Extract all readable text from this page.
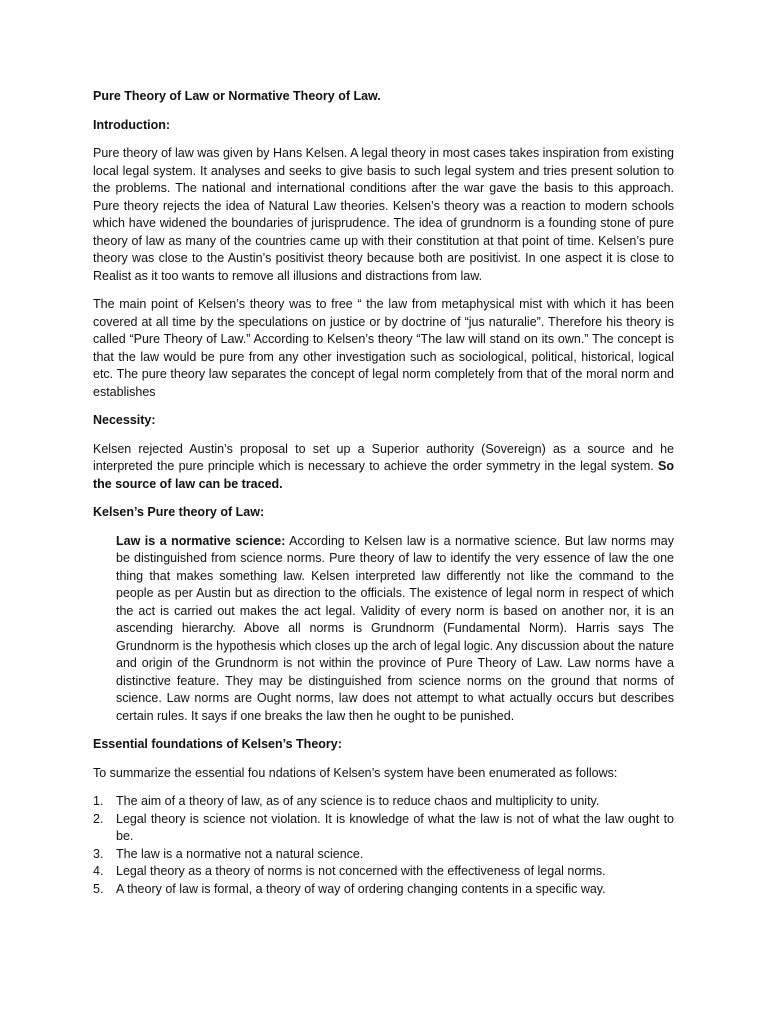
Pure Theory of Law or Normative Theory of Law.

Introduction:

Pure theory of law was given by Hans Kelsen. A legal theory in most cases takes inspiration from existing local legal system. It analyses and seeks to give basis to such legal system and tries present solution to the problems. The national and international conditions after the war gave the basis to this approach. Pure theory rejects the idea of Natural Law theories. Kelsen’s theory was a reaction to modern schools which have widened the boundaries of jurisprudence. The idea of grundnorm is a founding stone of pure theory of law as many of the countries came up with their constitution at that point of time. Kelsen’s pure theory was close to the Austin’s positivist theory because both are positivist. In one aspect it is close to Realist as it too wants to remove all illusions and distractions from law.

The main point of Kelsen’s theory was to free “ the law from metaphysical mist with which it has been covered at all time by the speculations on justice or by doctrine of “jus naturalie”. Therefore his theory is called “Pure Theory of Law.” According to Kelsen’s theory “The law will stand on its own.” The concept is that the law would be pure from any other investigation such as sociological, political, historical, logical etc. The pure theory law separates the concept of legal norm completely from that of the moral norm and establishes

Necessity:

Kelsen rejected Austin’s proposal to set up a Superior authority (Sovereign) as a source and he interpreted the pure principle which is necessary to achieve the order symmetry in the legal system. So the source of law can be traced.

Kelsen’s Pure theory of Law:

Law is a normative science: According to Kelsen law is a normative science. But law norms may be distinguished from science norms. Pure theory of law to identify the very essence of law the one thing that makes something law. Kelsen interpreted law differently not like the command to the people as per Austin but as direction to the officials. The existence of legal norm in respect of which the act is carried out makes the act legal. Validity of every norm is based on another nor, it is an ascending hierarchy. Above all norms is Grundnorm (Fundamental Norm). Harris says The Grundnorm is the hypothesis which closes up the arch of legal logic. Any discussion about the nature and origin of the Grundnorm is not within the province of Pure Theory of Law. Law norms have a distinctive feature. They may be distinguished from science norms on the ground that norms of science. Law norms are Ought norms, law does not attempt to what actually occurs but describes certain rules. It says if one breaks the law then he ought to be punished.

Essential foundations of Kelsen’s Theory:

To summarize the essential fou ndations of Kelsen’s system have been enumerated as follows:

1.	The aim of a theory of law, as of any science is to reduce chaos and multiplicity to unity.
2.	Legal theory is science not violation. It is knowledge of what the law is not of what the law ought to be.
3.	The law is a normative not a natural science.
4.	Legal theory as a theory of norms is not concerned with the effectiveness of legal norms.
5.	A theory of law is formal, a theory of way of ordering changing contents in a specific way.
